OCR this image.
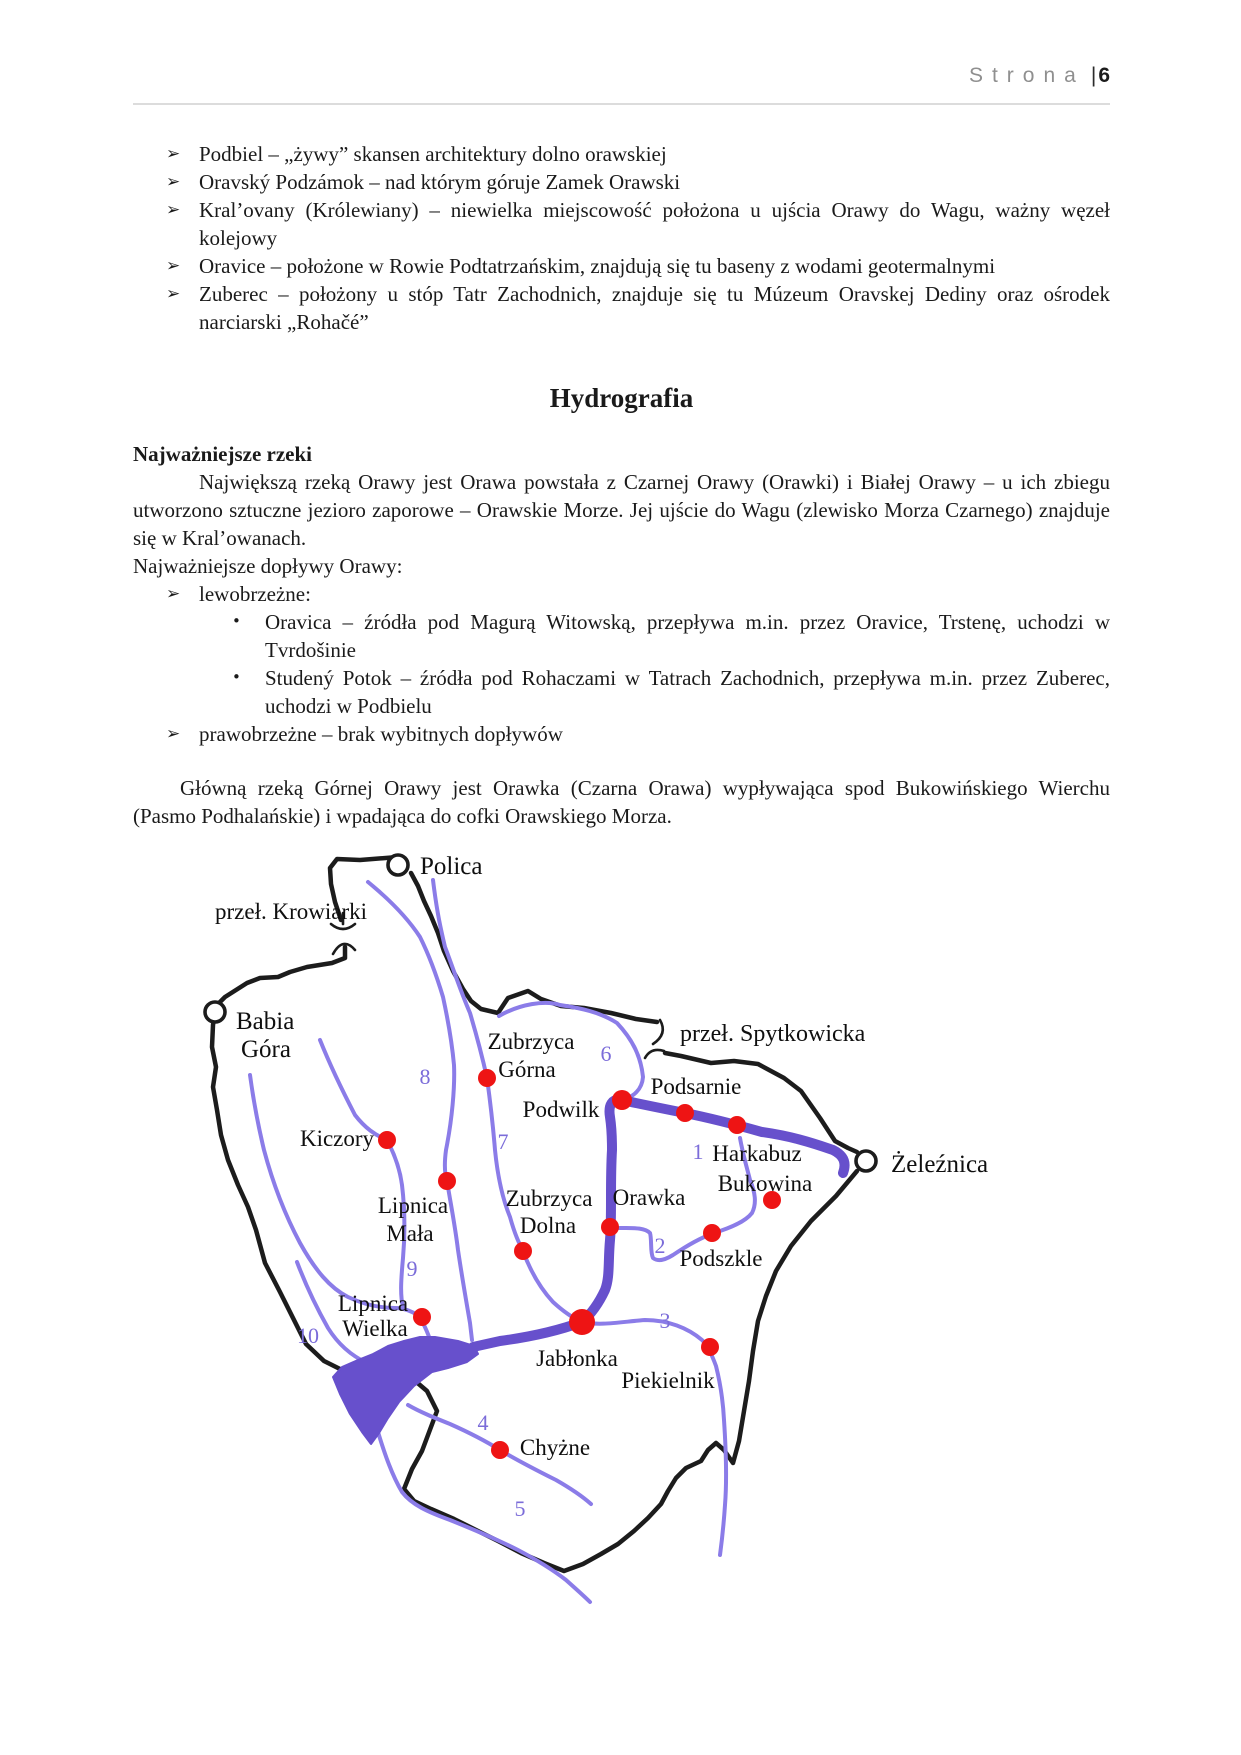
Strona |6
➢ Podbiel – „żywy” skansen architektury dolno orawskiej
➢ Oravský Podzámok – nad którym góruje Zamek Orawski
➢ Kral’ovany (Królewiany) – niewielka miejscowość położona u ujścia Orawy do Wagu, ważny węzeł kolejowy
➢ Oravice – położone w Rowie Podtatrzańskim, znajdują się tu baseny z wodami geotermalnymi
➢ Zuberec – położony u stóp Tatr Zachodnich, znajduje się tu Múzeum Oravskej Dediny oraz ośrodek narciarski „Rohačé”
Hydrografia
Najważniejsze rzeki

Największą rzeką Orawy jest Orawa powstała z Czarnej Orawy (Orawki) i Białej Orawy – u ich zbiegu utworzono sztuczne jezioro zaporowe – Orawskie Morze. Jej ujście do Wagu (zlewisko Morza Czarnego) znajduje się w Kral’owanach.

Najważniejsze dopływy Orawy:

➢ lewobrzeżne:
• Oravica – źródła pod Magurą Witowską, przepływa m.in. przez Oravice, Trstenę, uchodzi w Tvrdošinie
• Studený Potok – źródła pod Rohaczami w Tatrach Zachodnich, przepływa m.in. przez Zuberec, uchodzi w Podbielu
➢ prawobrzeżne – brak wybitnych dopływów

Główną rzeką Górnej Orawy jest Orawka (Czarna Orawa) wypływająca spod Bukowińskiego Wierchu (Pasmo Podhalańskie) i wpadająca do cofki Orawskiego Morza.

Polica
przeł. Krowiarki
Babia
Góra	Zubrzyca
Górna
przeł. Spytkowicka
Podsarnie
Podwilk
Harkabuz	Żeleźnica
Bukowina
Kiczory
Lipnica
Mała
Zubrzyca
Dolna
Orawka
Podszkle
Lipnica
Wielka
Jabłonka
Piekielnik
Chyżne
1
2
3
4
5
6
7
8
9
10
